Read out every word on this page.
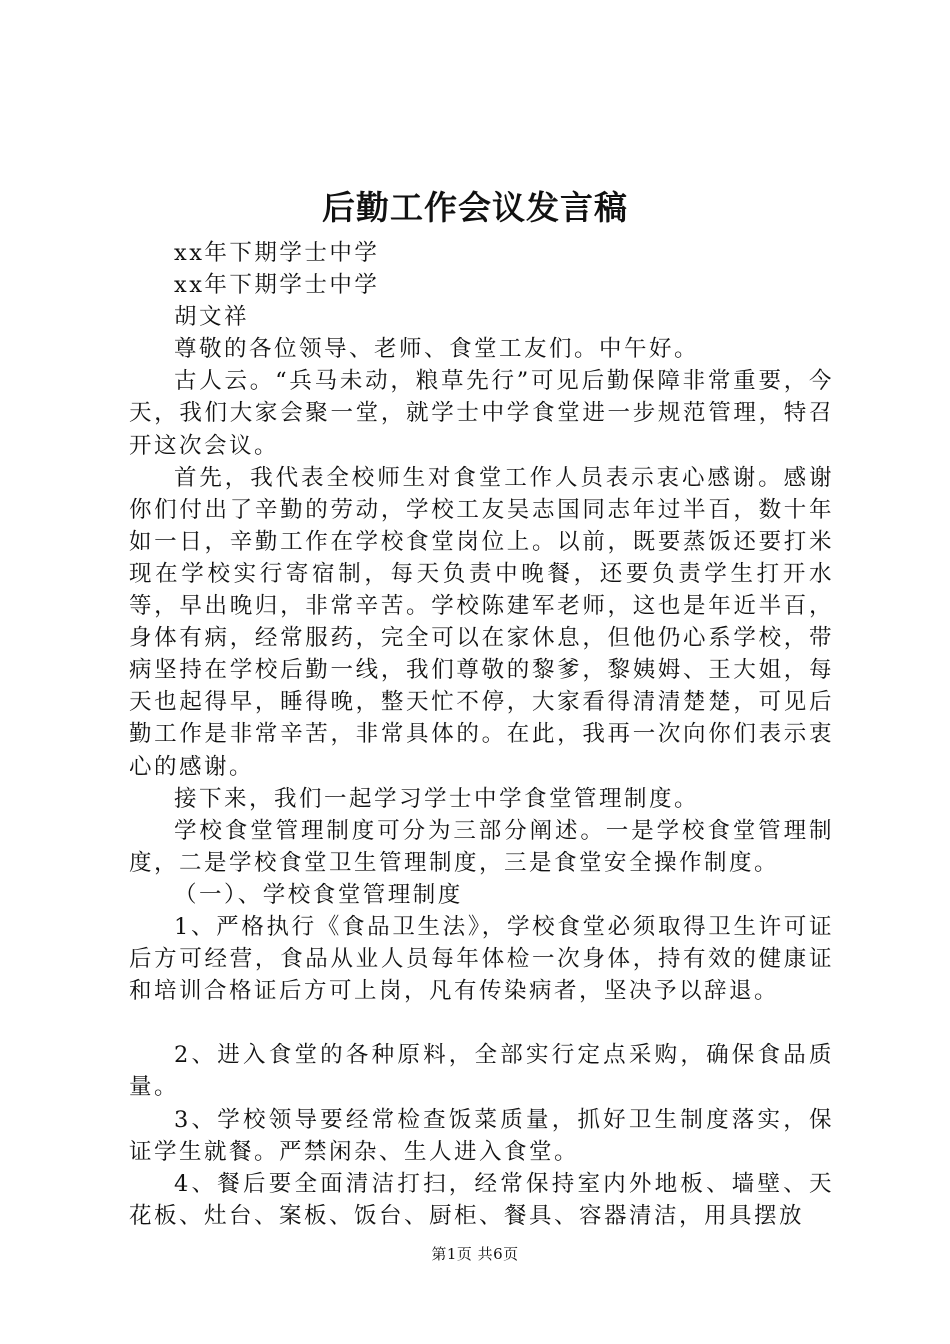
后勤工作会议发言稿

xx年下期学士中学

xx年下期学士中学

胡文祥

尊敬的各位领导、老师、食堂工友们。中午好。

古人云。“兵马未动，粮草先行”可见后勤保障非常重要，今天，我们大家会聚一堂，就学士中学食堂进一步规范管理，特召开这次会议。

首先，我代表全校师生对食堂工作人员表示衷心感谢。感谢你们付出了辛勤的劳动，学校工友吴志国同志年过半百，数十年如一日，辛勤工作在学校食堂岗位上。以前，既要蒸饭还要打米现在学校实行寄宿制，每天负责中晚餐，还要负责学生打开水等，早出晚归，非常辛苦。学校陈建军老师，这也是年近半百，身体有病，经常服药，完全可以在家休息，但他仍心系学校，带病坚持在学校后勤一线，我们尊敬的黎爹，黎姨姆、王大姐，每天也起得早，睡得晚，整天忙不停，大家看得清清楚楚，可见后勤工作是非常辛苦，非常具体的。在此，我再一次向你们表示衷心的感谢。

接下来，我们一起学习学士中学食堂管理制度。

学校食堂管理制度可分为三部分阐述。一是学校食堂管理制度，二是学校食堂卫生管理制度，三是食堂安全操作制度。

（一）、学校食堂管理制度

1、严格执行《食品卫生法》，学校食堂必须取得卫生许可证后方可经营，食品从业人员每年体检一次身体，持有效的健康证和培训合格证后方可上岗，凡有传染病者，坚决予以辞退。

2、进入食堂的各种原料，全部实行定点采购，确保食品质量。

3、学校领导要经常检查饭菜质量，抓好卫生制度落实，保证学生就餐。严禁闲杂、生人进入食堂。

4、餐后要全面清洁打扫，经常保持室内外地板、墙壁、天花板、灶台、案板、饭台、厨柜、餐具、容器清洁，用具摆放

第1页 共6页
